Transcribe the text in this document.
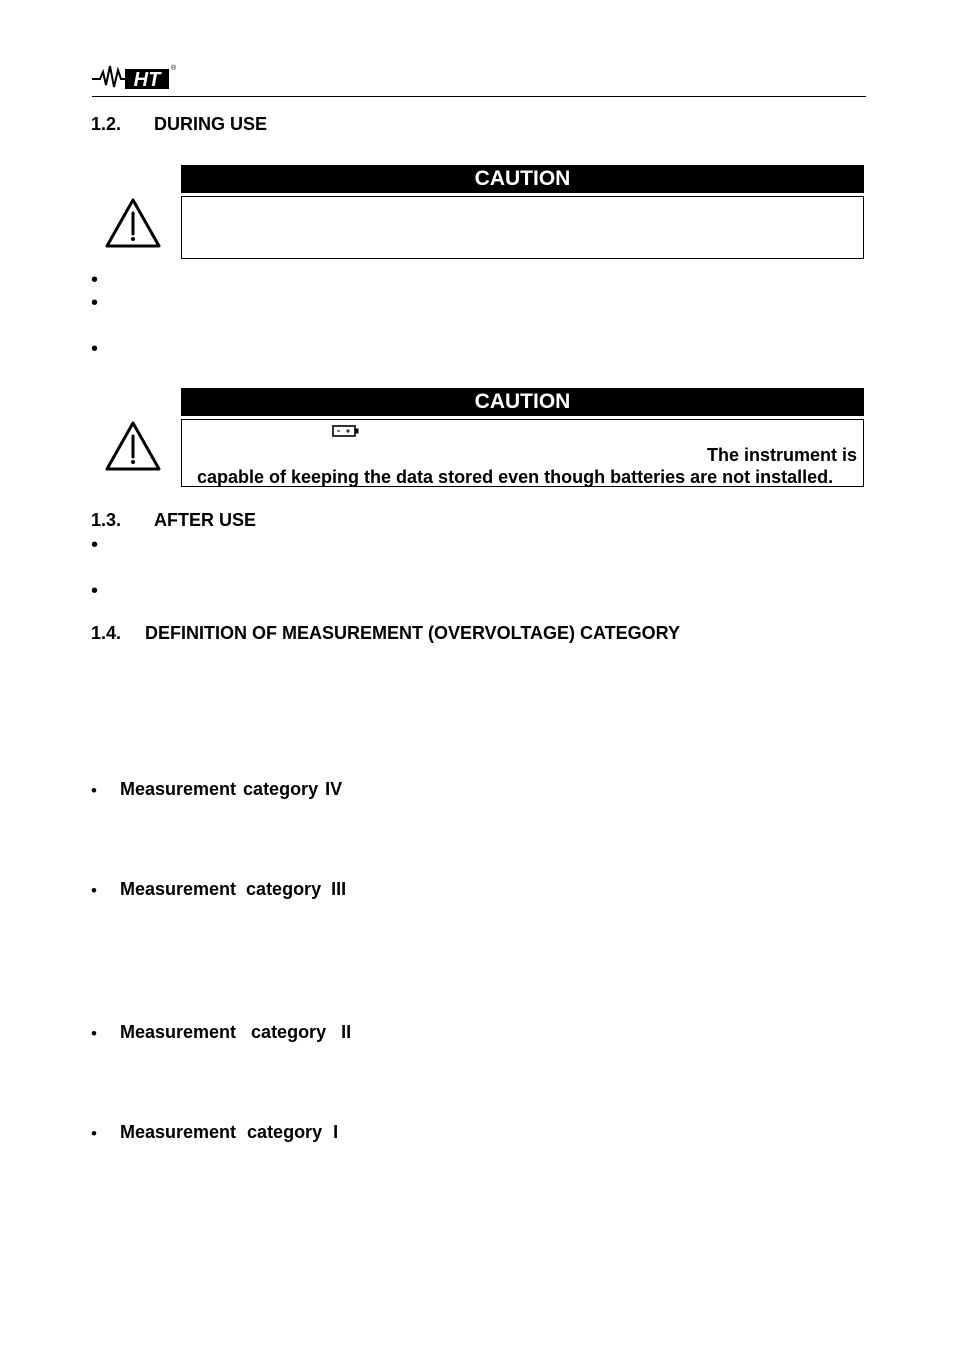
HT
®
1.2. DURING USE
CAUTION
•
•
•
CAUTION
The instrument is
capable of keeping the data stored even though batteries are not installed.
1.3. AFTER USE
•
•
1.4. DEFINITION OF MEASUREMENT (OVERVOLTAGE) CATEGORY
• Measurement category IV
• Measurement category III
• Measurement category II
• Measurement category I
